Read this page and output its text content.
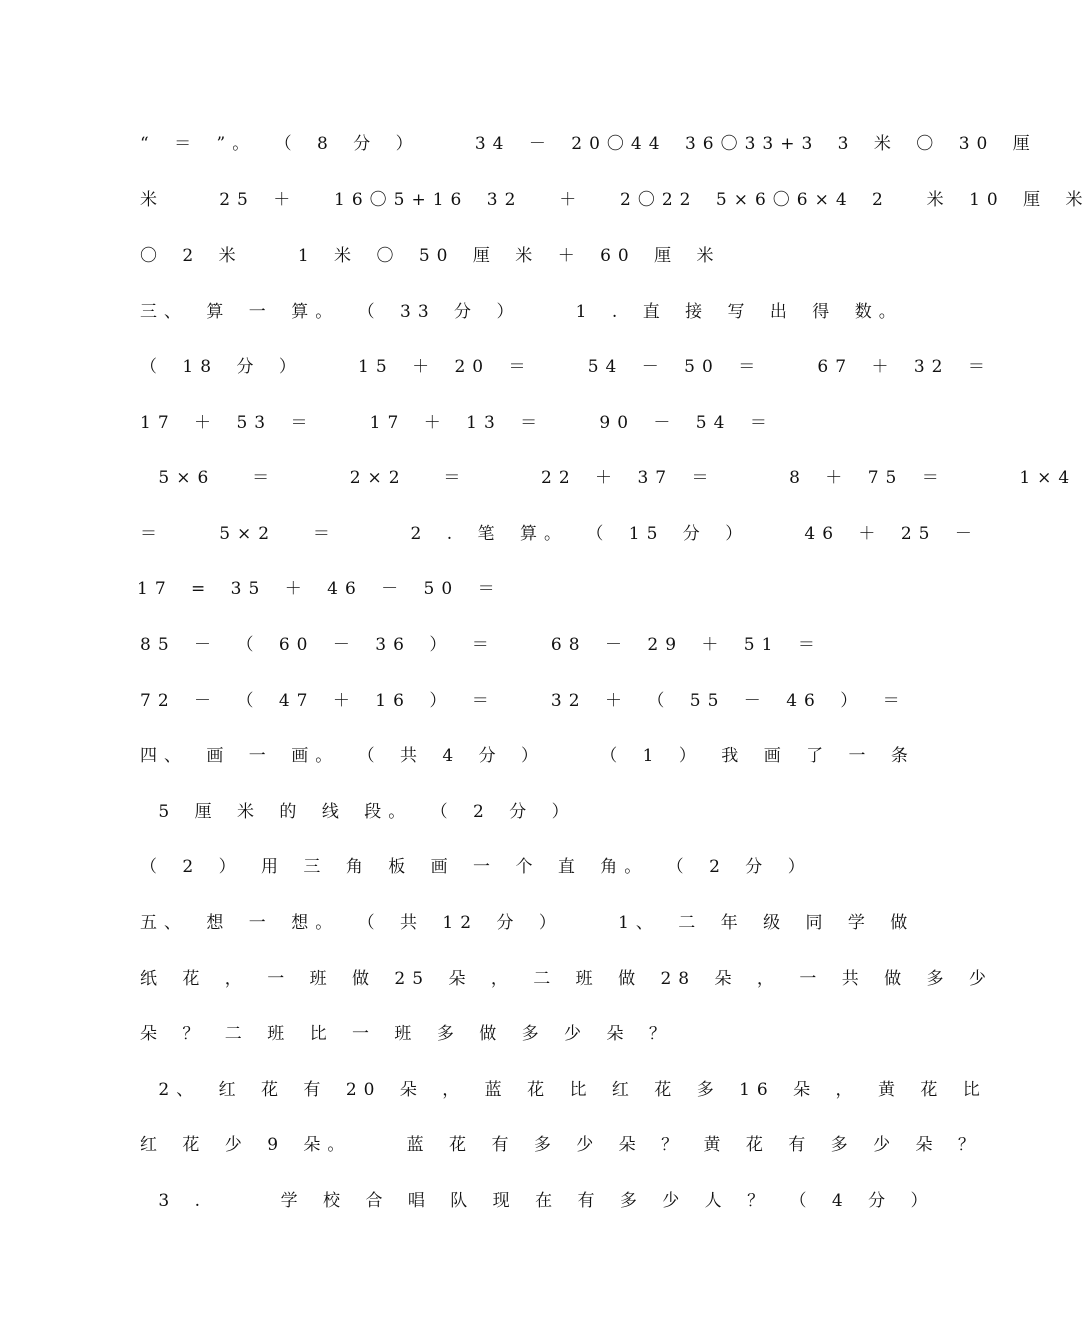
“ ＝ ”。 （ 8 分 ）   34 － 20〇44 36〇33+3 3 米 〇 30 厘
米   25 ＋  16〇5+16 32  ＋  2〇22 5×6〇6×4 2  米 10 厘 米
〇 2 米   1 米 〇 50 厘 米 ＋ 60 厘 米
三、 算 一 算。 （ 33 分 ）   1 . 直 接 写 出 得 数。
（ 18 分 ）   15 ＋ 20 ＝   54 － 50 ＝   67 ＋ 32 ＝
17 ＋ 53 ＝   17 ＋ 13 ＝   90 － 54 ＝
5×6  ＝    2×2  ＝    22 ＋ 37 ＝    8 ＋ 75 ＝    1×4
＝   5×2  ＝    2 . 笔 算。 （ 15 分 ）   46 ＋ 25 －
17 = 35 ＋ 46 － 50 ＝
85 － （ 60 － 36 ） ＝   68 － 29 ＋ 51 ＝
72 － （ 47 ＋ 16 ） ＝   32 ＋ （ 55 － 46 ） ＝
四、 画 一 画。 （ 共 4 分 ）   （ 1 ） 我 画 了 一 条
5 厘 米 的 线 段。 （ 2 分 ）
（ 2 ） 用 三 角 板 画 一 个 直 角。 （ 2 分 ）
五、 想 一 想。 （ 共 12 分 ）   1、 二 年 级 同 学 做
纸 花 ， 一 班 做 25 朵 ， 二 班 做 28 朵 ， 一 共 做 多 少
朵 ？ 二 班 比 一 班 多 做 多 少 朵 ？
2、 红 花 有 20 朵 ， 蓝 花 比 红 花 多 16 朵 ， 黄 花 比
红 花 少 9 朵。   蓝 花 有 多 少 朵 ？ 黄 花 有 多 少 朵 ？
3 .    学 校 合 唱 队 现 在 有 多 少 人 ？ （ 4 分 ）
